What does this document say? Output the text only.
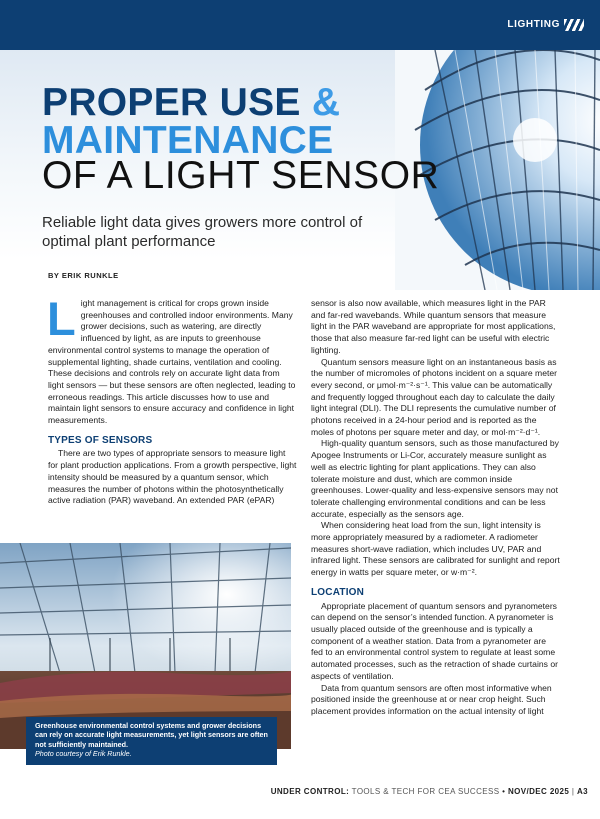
LIGHTING
PROPER USE &
MAINTENANCE
OF A LIGHT SENSOR
Reliable light data gives growers more control of optimal plant performance
BY ERIK RUNKLE

Light management is critical for crops grown inside greenhouses and controlled indoor environments. Many grower decisions, such as watering, are directly influenced by light, as are inputs to greenhouse environmental control systems to manage the operation of supplemental lighting, shade curtains, ventilation and cooling. These decisions and controls rely on accurate light data from light sensors — but these sensors are often neglected, leading to erroneous readings. This article discusses how to use and maintain light sensors to ensure accuracy and confidence in light measurements.

TYPES OF SENSORS

There are two types of appropriate sensors to measure light for plant production applications. From a growth perspective, light intensity should be measured by a quantum sensor, which measures the number of photons within the photosynthetically active radiation (PAR) waveband. An extended PAR (ePAR)

sensor is also now available, which measures light in the PAR and far-red wavebands. While quantum sensors that measure light in the PAR waveband are appropriate for most applications, those that also measure far-red light can be useful with electric lighting.

Quantum sensors measure light on an instantaneous basis as the number of micromoles of photons incident on a square meter every second, or μmol·m⁻²·s⁻¹. This value can be automatically and frequently logged throughout each day to calculate the daily light integral (DLI). The DLI represents the cumulative number of photons received in a 24-hour period and is reported as the moles of photons per square meter and day, or mol·m⁻²·d⁻¹.

High-quality quantum sensors, such as those manufactured by Apogee Instruments or Li-Cor, accurately measure sunlight as well as electric lighting for plant applications. They can also tolerate moisture and dust, which are common inside greenhouses. Lower-quality and less-expensive sensors may not tolerate challenging environmental conditions and can be less accurate, especially as the sensors age.

When considering heat load from the sun, light intensity is more appropriately measured by a radiometer. A radiometer measures short-wave radiation, which includes UV, PAR and infrared light. These sensors are calibrated for sunlight and report energy in watts per square meter, or w·m⁻².

LOCATION

Appropriate placement of quantum sensors and pyranometers can depend on the sensor’s intended function. A pyranometer is usually placed outside of the greenhouse and is typically a component of a weather station. Data from a pyranometer are fed to an environmental control system to regulate at least some automated processes, such as the retraction of shade curtains or aspects of ventilation.

Data from quantum sensors are often most informative when positioned inside the greenhouse at or near crop height. Such placement provides information on the actual intensity of light

Greenhouse environmental control systems and grower decisions can rely on accurate light measurements, yet light sensors are often not sufficiently maintained.
Photo courtesy of Erik Runkle.
UNDER CONTROL: TOOLS & TECH FOR CEA SUCCESS • NOV/DEC 2025 | A3
